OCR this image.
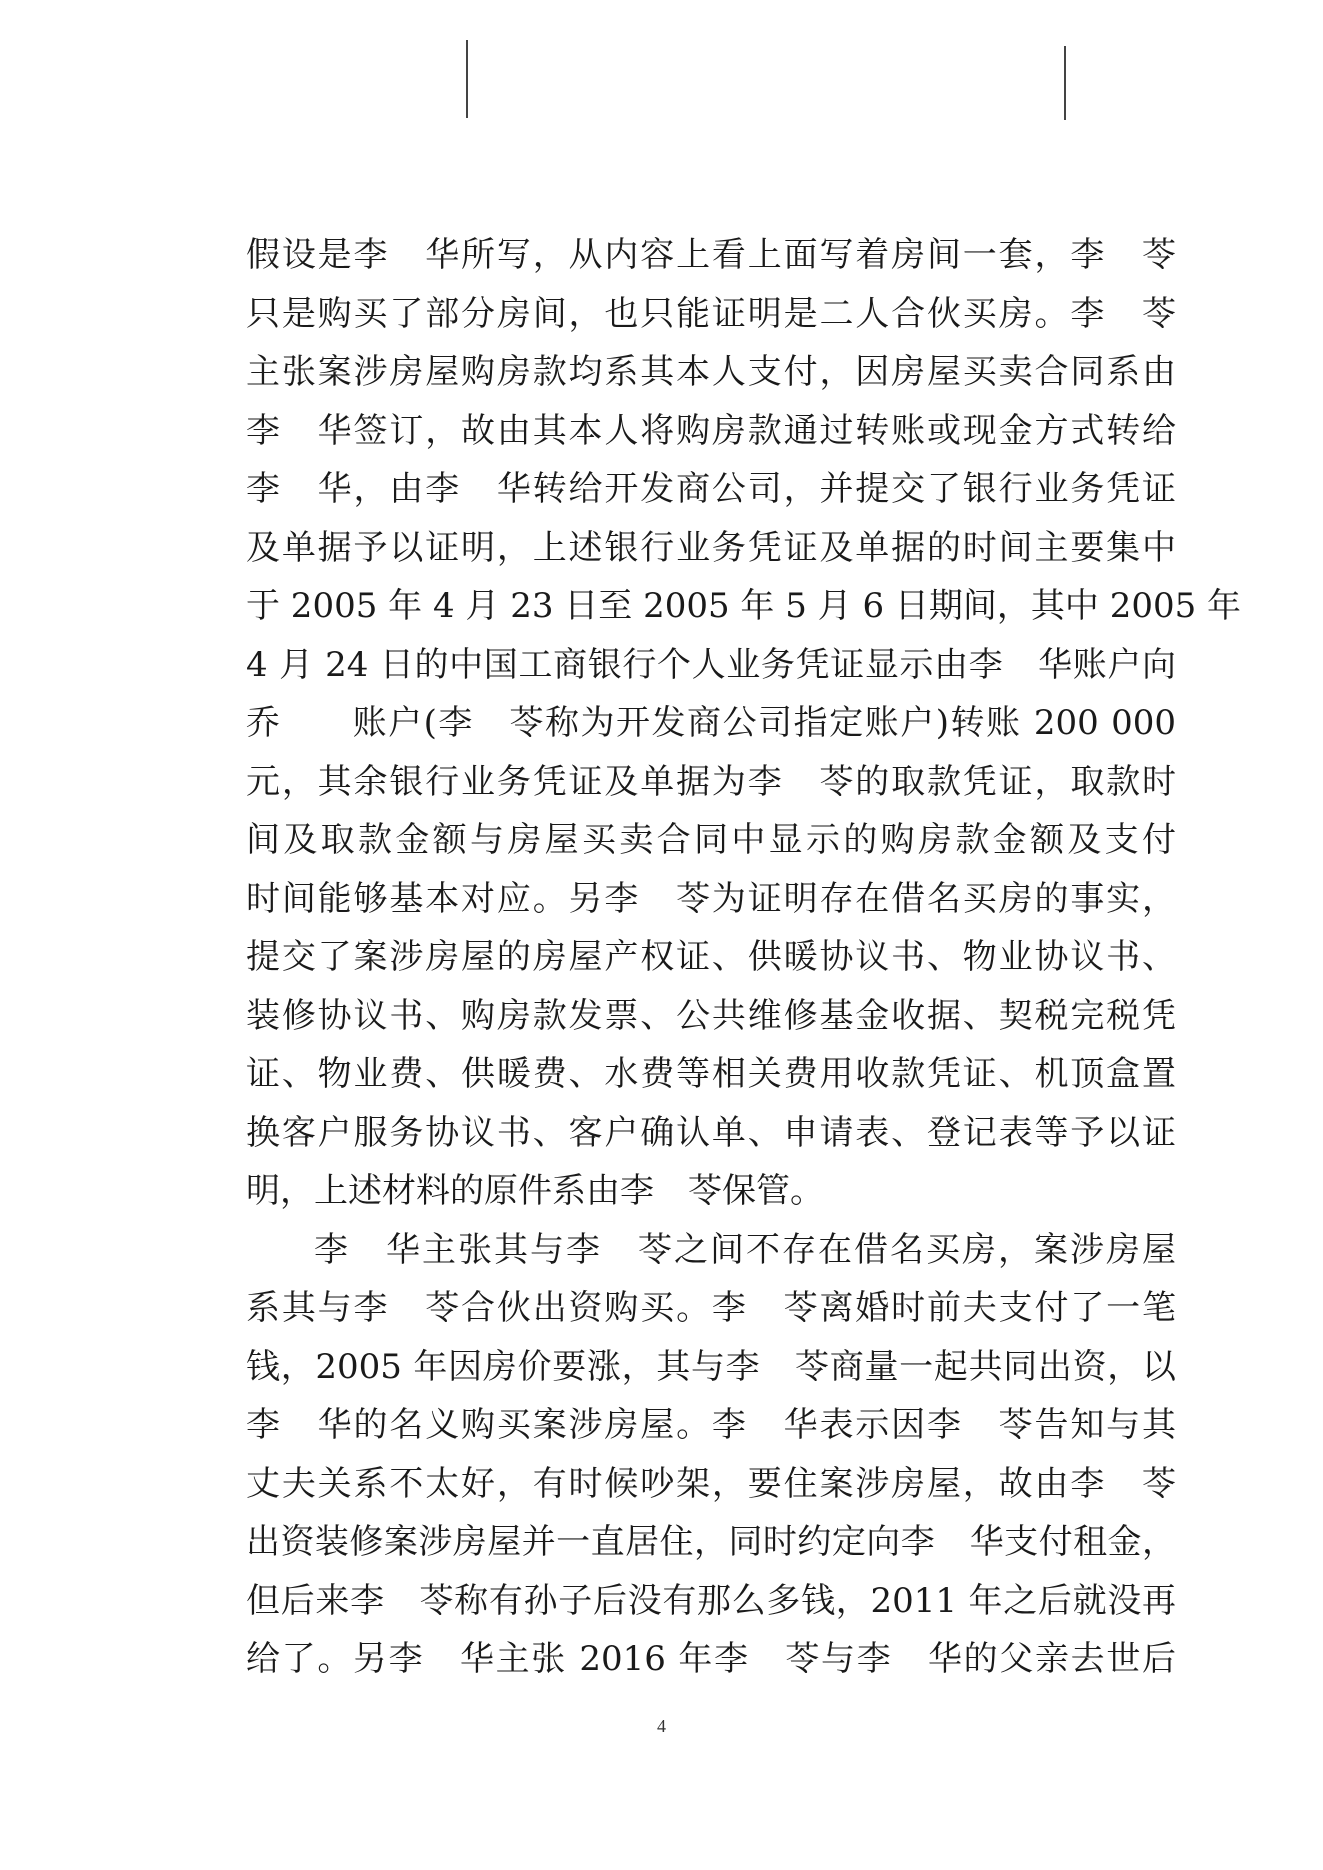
假设是李　华所写，从内容上看上面写着房间一套，李　苓
只是购买了部分房间，也只能证明是二人合伙买房。李　苓
主张案涉房屋购房款均系其本人支付，因房屋买卖合同系由
李　华签订，故由其本人将购房款通过转账或现金方式转给
李　华，由李　华转给开发商公司，并提交了银行业务凭证
及单据予以证明，上述银行业务凭证及单据的时间主要集中
于 2005 年 4 月 23 日至 2005 年 5 月 6 日期间，其中 2005 年
4 月 24 日的中国工商银行个人业务凭证显示由李　华账户向
乔　　账户(李　苓称为开发商公司指定账户)转账 200 000
元，其余银行业务凭证及单据为李　苓的取款凭证，取款时
间及取款金额与房屋买卖合同中显示的购房款金额及支付
时间能够基本对应。另李　苓为证明存在借名买房的事实，
提交了案涉房屋的房屋产权证、供暖协议书、物业协议书、
装修协议书、购房款发票、公共维修基金收据、契税完税凭
证、物业费、供暖费、水费等相关费用收款凭证、机顶盒置
换客户服务协议书、客户确认单、申请表、登记表等予以证
明，上述材料的原件系由李　苓保管。
李　华主张其与李　苓之间不存在借名买房，案涉房屋
系其与李　苓合伙出资购买。李　苓离婚时前夫支付了一笔
钱，2005 年因房价要涨，其与李　苓商量一起共同出资，以
李　华的名义购买案涉房屋。李　华表示因李　苓告知与其
丈夫关系不太好，有时候吵架，要住案涉房屋，故由李　苓
出资装修案涉房屋并一直居住，同时约定向李　华支付租金，
但后来李　苓称有孙子后没有那么多钱，2011 年之后就没再
给了。另李　华主张 2016 年李　苓与李　华的父亲去世后
4
